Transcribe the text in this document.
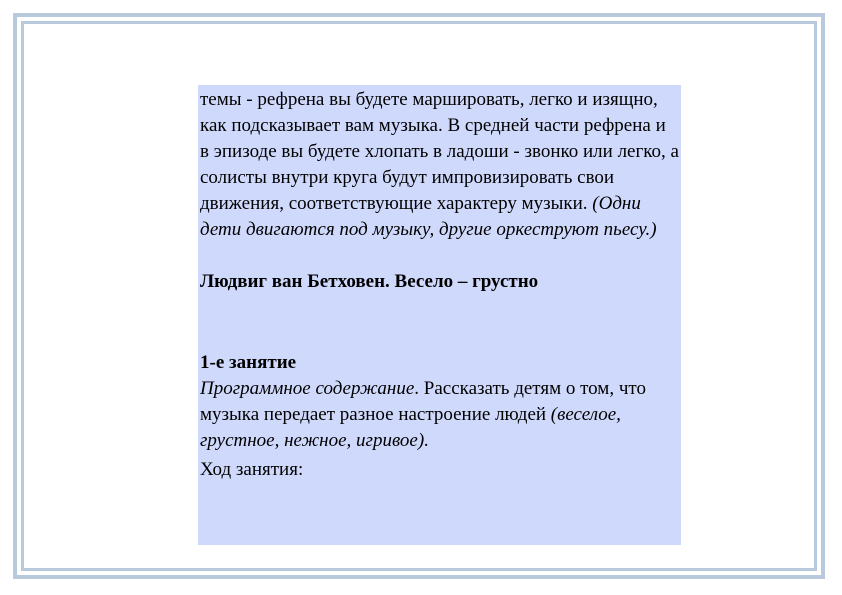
темы - рефрена вы будете маршировать, легко и изящно, как подсказывает вам музыка. В средней части рефрена и в эпизоде вы будете хлопать в ладоши - звонко или легко, а солисты внутри круга будут импровизировать свои движения, соответствующие характеру музыки. (Одни дети двигаются под музыку, другие оркеструют пьесу.)

Людвиг ван Бетховен. Весело – грустно

1-е занятие

Программное содержание. Рассказать детям о том, что музыка передает разное настроение людей (веселое, грустное, нежное, игривое).

Ход занятия:
